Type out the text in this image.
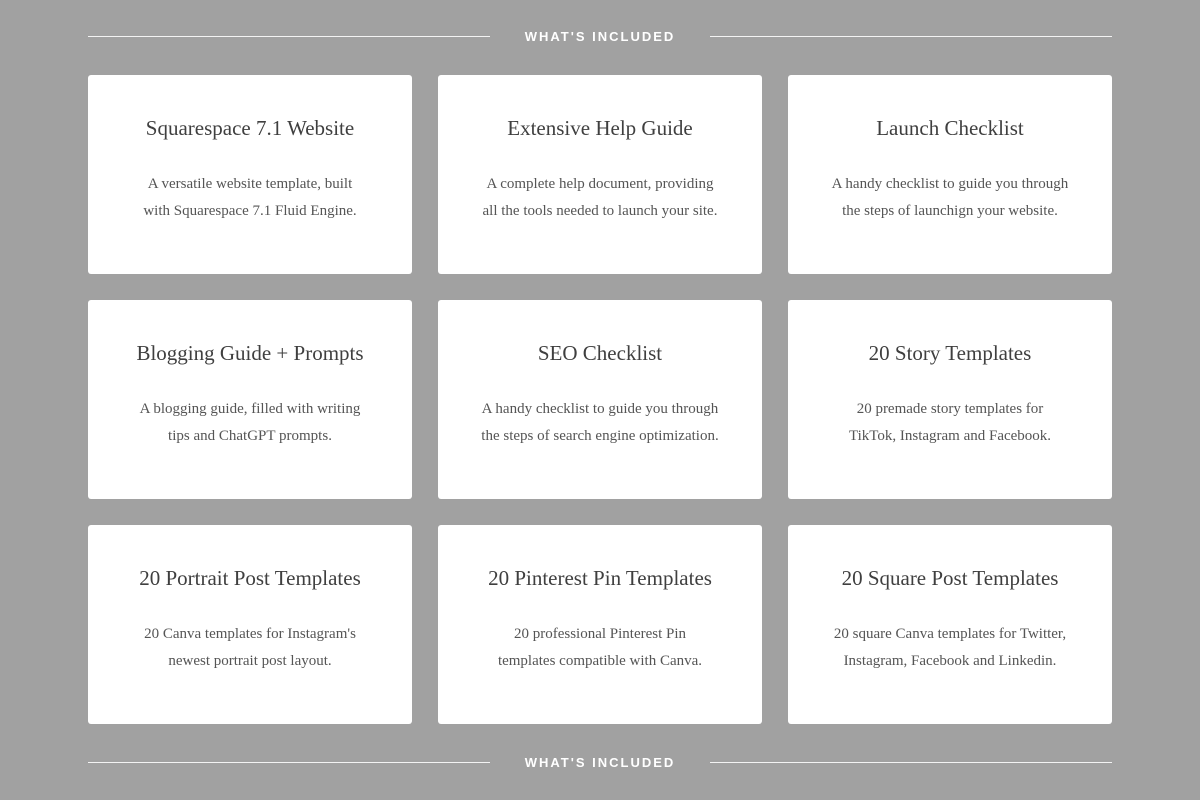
WHAT'S INCLUDED
Squarespace 7.1 Website

A versatile website template, built
with Squarespace 7.1 Fluid Engine.

Extensive Help Guide

A complete help document, providing
all the tools needed to launch your site.

Launch Checklist

A handy checklist to guide you through
the steps of launchign your website.

Blogging Guide + Prompts

A blogging guide, filled with writing
tips and ChatGPT prompts.

SEO Checklist

A handy checklist to guide you through
the steps of search engine optimization.

20 Story Templates

20 premade story templates for
TikTok, Instagram and Facebook.

20 Portrait Post Templates

20 Canva templates for Instagram's
newest portrait post layout.

20 Pinterest Pin Templates

20 professional Pinterest Pin
templates compatible with Canva.

20 Square Post Templates

20 square Canva templates for Twitter,
Instagram, Facebook and Linkedin.

WHAT'S INCLUDED
